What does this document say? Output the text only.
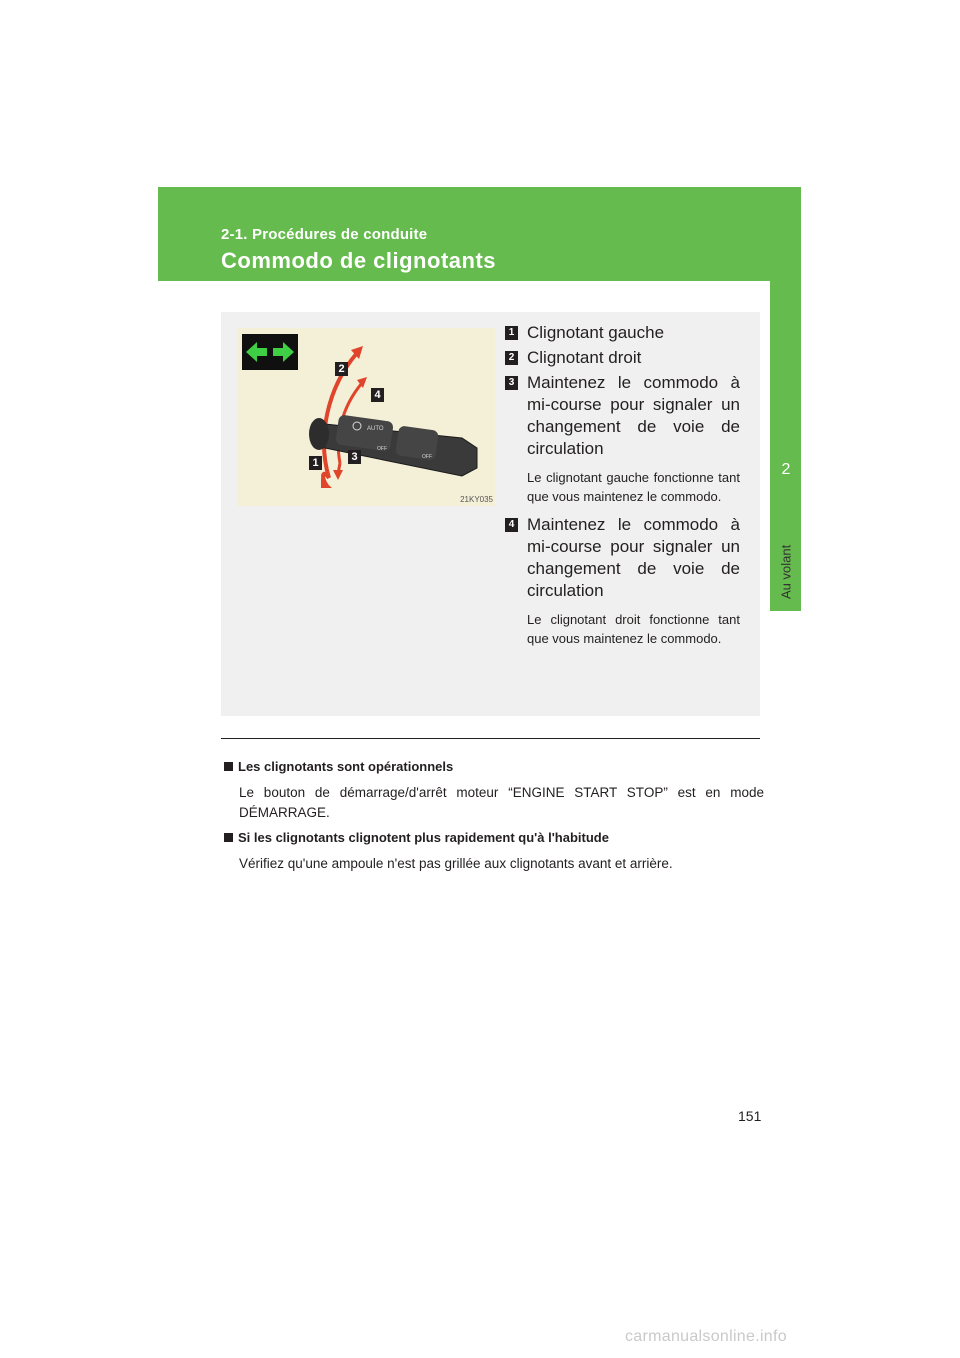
2-1. Procédures de conduite
Commodo de clignotants
2
Au volant
AUTO
OFF
OFF
2
4
1	3
21KY035
1 Clignotant gauche
2 Clignotant droit
3 Maintenez le commodo à mi-course pour signaler un changement de voie de circulation
Le clignotant gauche fonctionne tant que vous maintenez le commodo.
4 Maintenez le commodo à mi-course pour signaler un changement de voie de circulation
Le clignotant droit fonctionne tant que vous maintenez le commodo.
Les clignotants sont opérationnels
Le bouton de démarrage/d'arrêt moteur “ENGINE START STOP” est en mode DÉMARRAGE.
Si les clignotants clignotent plus rapidement qu'à l'habitude
Vérifiez qu'une ampoule n'est pas grillée aux clignotants avant et arrière.
151
carmanualsonline.info
